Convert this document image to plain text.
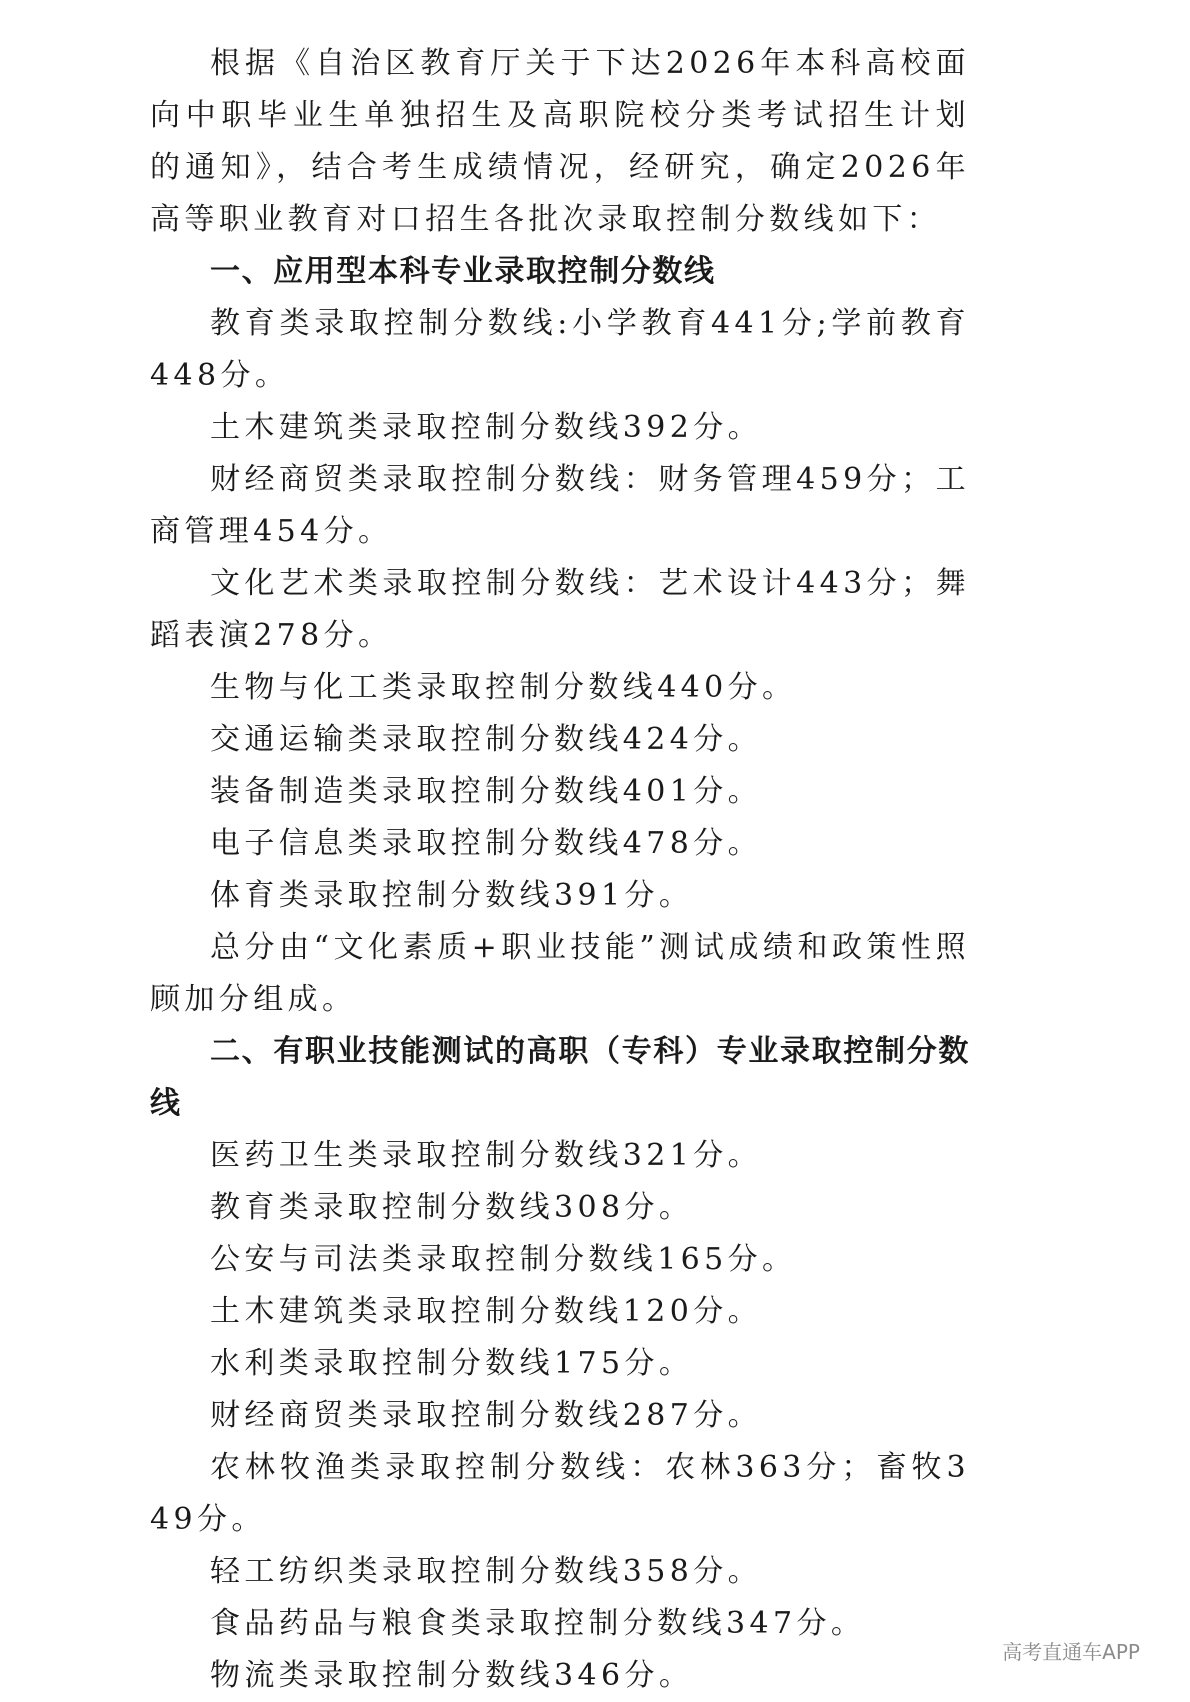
根据《自治区教育厅关于下达2026年本科高校面向中职毕业生单独招生及高职院校分类考试招生计划的通知》，结合考生成绩情况，经研究，确定2026年高等职业教育对口招生各批次录取控制分数线如下：

一、应用型本科专业录取控制分数线

教育类录取控制分数线:小学教育441分;学前教育448分。

土木建筑类录取控制分数线392分。

财经商贸类录取控制分数线：财务管理459分；工商管理454分。

文化艺术类录取控制分数线：艺术设计443分；舞蹈表演278分。

生物与化工类录取控制分数线440分。

交通运输类录取控制分数线424分。

装备制造类录取控制分数线401分。

电子信息类录取控制分数线478分。

体育类录取控制分数线391分。

总分由“文化素质+职业技能”测试成绩和政策性照顾加分组成。

二、有职业技能测试的高职（专科）专业录取控制分数线

医药卫生类录取控制分数线321分。

教育类录取控制分数线308分。

公安与司法类录取控制分数线165分。

土木建筑类录取控制分数线120分。

水利类录取控制分数线175分。

财经商贸类录取控制分数线287分。

农林牧渔类录取控制分数线：农林363分；畜牧349分。

轻工纺织类录取控制分数线358分。

食品药品与粮食类录取控制分数线347分。

物流类录取控制分数线346分。

高考直通车APP
